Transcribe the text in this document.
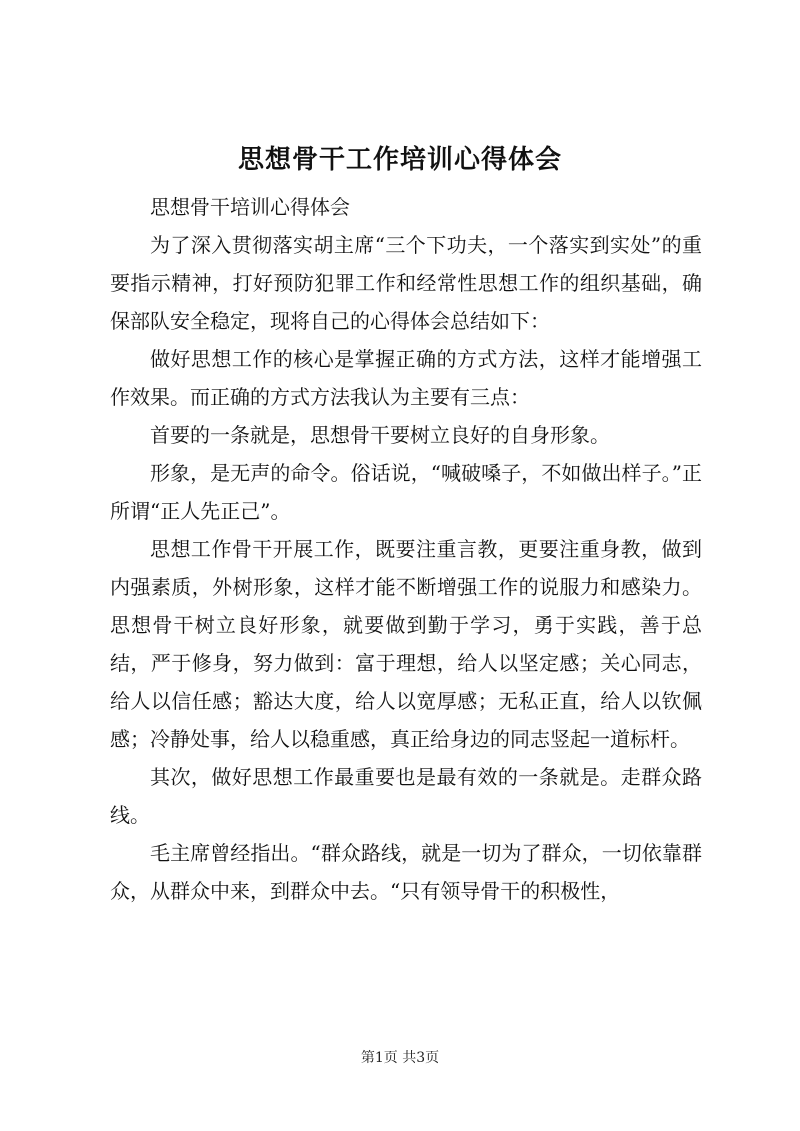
思想骨干工作培训心得体会

思想骨干培训心得体会

为了深入贯彻落实胡主席“三个下功夫，一个落实到实处”的重要指示精神，打好预防犯罪工作和经常性思想工作的组织基础，确保部队安全稳定，现将自己的心得体会总结如下：

做好思想工作的核心是掌握正确的方式方法，这样才能增强工作效果。而正确的方式方法我认为主要有三点：

首要的一条就是，思想骨干要树立良好的自身形象。

形象，是无声的命令。俗话说，“喊破嗓子，不如做出样子。”正所谓“正人先正己”。

思想工作骨干开展工作，既要注重言教，更要注重身教，做到内强素质，外树形象，这样才能不断增强工作的说服力和感染力。思想骨干树立良好形象，就要做到勤于学习，勇于实践，善于总结，严于修身，努力做到：富于理想，给人以坚定感；关心同志，给人以信任感；豁达大度，给人以宽厚感；无私正直，给人以钦佩感；冷静处事，给人以稳重感，真正给身边的同志竖起一道标杆。

其次，做好思想工作最重要也是最有效的一条就是。走群众路线。

毛主席曾经指出。“群众路线，就是一切为了群众，一切依靠群众，从群众中来，到群众中去。“只有领导骨干的积极性，

第1页 共3页
